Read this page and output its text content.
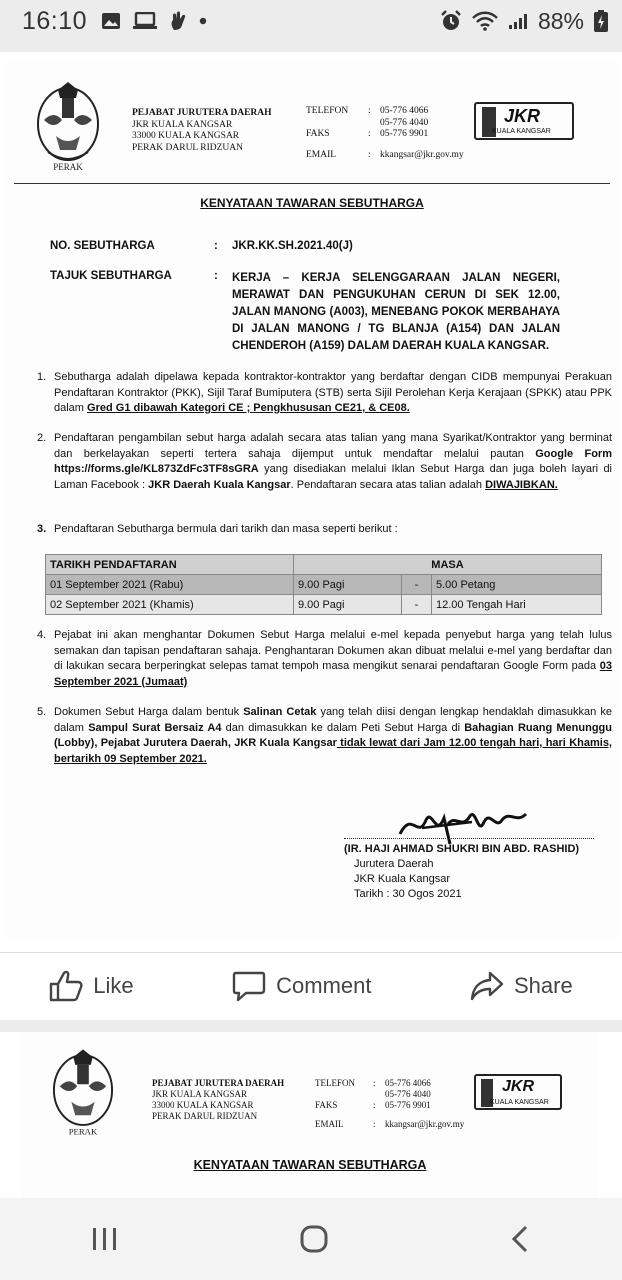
16:10	88%
PERAK
PEJABAT JURUTERA DAERAH
JKR KUALA KANGSAR
33000 KUALA KANGSAR
PERAK DARUL RIDZUAN
TELEFON	:	05-776 4066
		05-776 4040
FAKS	:	05-776 9901
EMAIL	:	kkangsar@jkr.gov.my
JKR
KUALA KANGSAR
KENYATAAN TAWARAN SEBUTHARGA
NO. SEBUTHARGA	: JKR.KK.SH.2021.40(J)
TAJUK SEBUTHARGA	: KERJA – KERJA SELENGGARAAN JALAN NEGERI, MERAWAT DAN PENGUKUHAN CERUN DI SEK 12.00, JALAN MANONG (A003), MENEBANG POKOK MERBAHAYA DI JALAN MANONG / TG BLANJA (A154) DAN JALAN CHENDEROH (A159) DALAM DAERAH KUALA KANGSAR.
1. Sebutharga adalah dipelawa kepada kontraktor-kontraktor yang berdaftar dengan CIDB mempunyai Perakuan Pendaftaran Kontraktor (PKK), Sijil Taraf Bumiputera (STB) serta Sijil Perolehan Kerja Kerajaan (SPKK) atau PPK dalam Gred G1 dibawah Kategori CE ; Pengkhususan CE21, & CE08.
2. Pendaftaran pengambilan sebut harga adalah secara atas talian yang mana Syarikat/Kontraktor yang berminat dan berkelayakan seperti tertera sahaja dijemput untuk mendaftar melalui pautan Google Form https://forms.gle/KL873ZdFc3TF8sGRA yang disediakan melalui Iklan Sebut Harga dan juga boleh layari di Laman Facebook : JKR Daerah Kuala Kangsar. Pendaftaran secara atas talian adalah DIWAJIBKAN.
3. Pendaftaran Sebutharga bermula dari tarikh dan masa seperti berikut :
TARIKH PENDAFTARAN	MASA		
01 September 2021 (Rabu)	9.00 Pagi	-	5.00 Petang
02 September 2021 (Khamis)	9.00 Pagi	-	12.00 Tengah Hari
4. Pejabat ini akan menghantar Dokumen Sebut Harga melalui e-mel kepada penyebut harga yang telah lulus semakan dan tapisan pendaftaran sahaja. Penghantaran Dokumen akan dibuat melalui e-mel yang berdaftar dan di lakukan secara berperingkat selepas tamat tempoh masa mengikut senarai pendaftaran Google Form pada 03 September 2021 (Jumaat)
5. Dokumen Sebut Harga dalam bentuk Salinan Cetak yang telah diisi dengan lengkap hendaklah dimasukkan ke dalam Sampul Surat Bersaiz A4 dan dimasukkan ke dalam Peti Sebut Harga di Bahagian Ruang Menunggu (Lobby), Pejabat Jurutera Daerah, JKR Kuala Kangsar tidak lewat dari Jam 12.00 tengah hari, hari Khamis, bertarikh 09 September 2021.
(IR. HAJI AHMAD SHUKRI BIN ABD. RASHID)
Jurutera Daerah
JKR Kuala Kangsar
Tarikh : 30 Ogos 2021
Like	Comment	Share
PERAK
PEJABAT JURUTERA DAERAH
JKR KUALA KANGSAR
33000 KUALA KANGSAR
PERAK DARUL RIDZUAN
TELEFON	:	05-776 4066
		05-776 4040
FAKS	:	05-776 9901
EMAIL	:	kkangsar@jkr.gov.my
JKR
KUALA KANGSAR
KENYATAAN TAWARAN SEBUTHARGA
